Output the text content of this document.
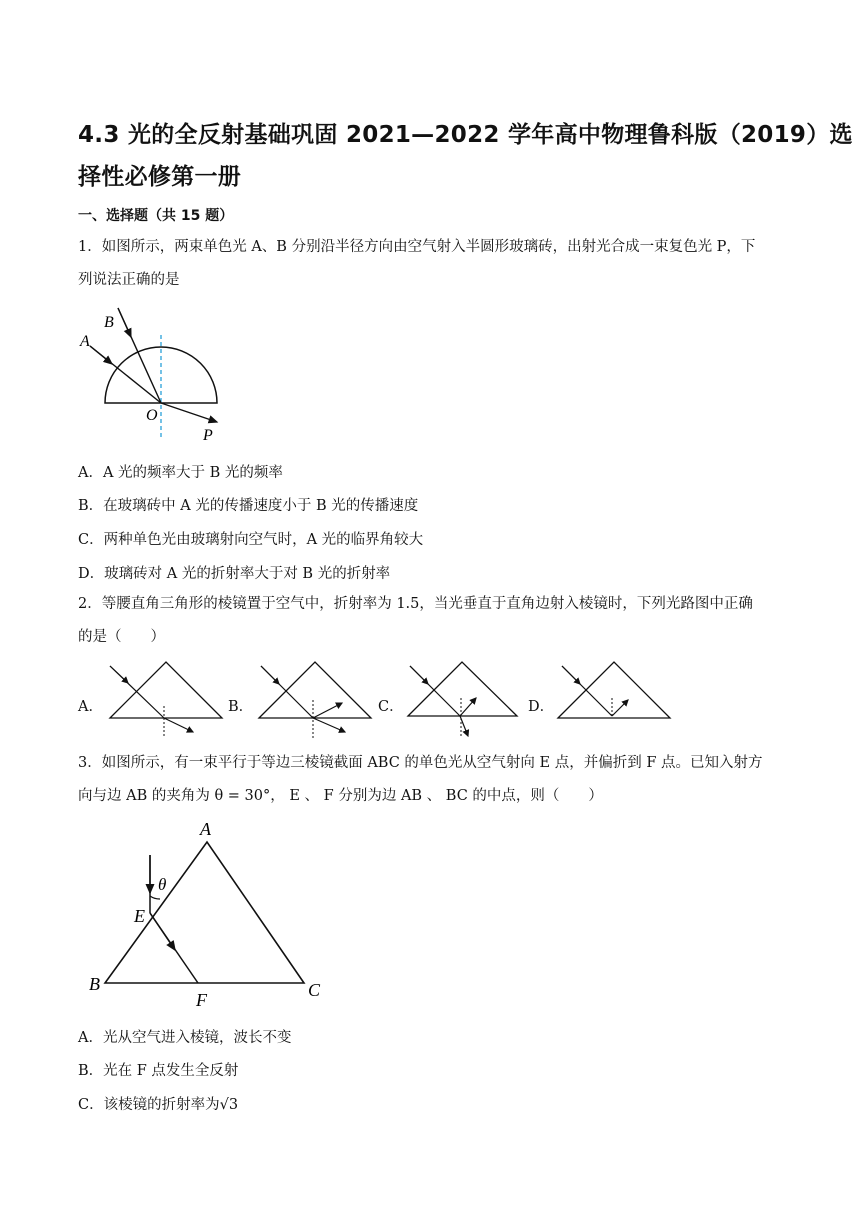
4.3 光的全反射基础巩固 2021—2022 学年高中物理鲁科版（2019）选
择性必修第一册
一、选择题（共 15 题）
1．如图所示，两束单色光 A、B 分别沿半径方向由空气射入半圆形玻璃砖，出射光合成一束复色光 P，下
列说法正确的是
A
B
O
P
A．A 光的频率大于 B 光的频率
B．在玻璃砖中 A 光的传播速度小于 B 光的传播速度
C．两种单色光由玻璃射向空气时，A 光的临界角较大
D．玻璃砖对 A 光的折射率大于对 B 光的折射率
2．等腰直角三角形的棱镜置于空气中，折射率为 1.5，当光垂直于直角边射入棱镜时，下列光路图中正确
的是（　　）
A．	B．	C．	D．
3．如图所示，有一束平行于等边三棱镜截面 ABC 的单色光从空气射向 E 点，并偏折到 F 点。已知入射方
向与边 AB 的夹角为 θ = 30°， E 、 F 分别为边 AB 、 BC 的中点，则（　　）
A
B	C
E
F
θ
A．光从空气进入棱镜，波长不变
B．光在 F 点发生全反射
C．该棱镜的折射率为√3
